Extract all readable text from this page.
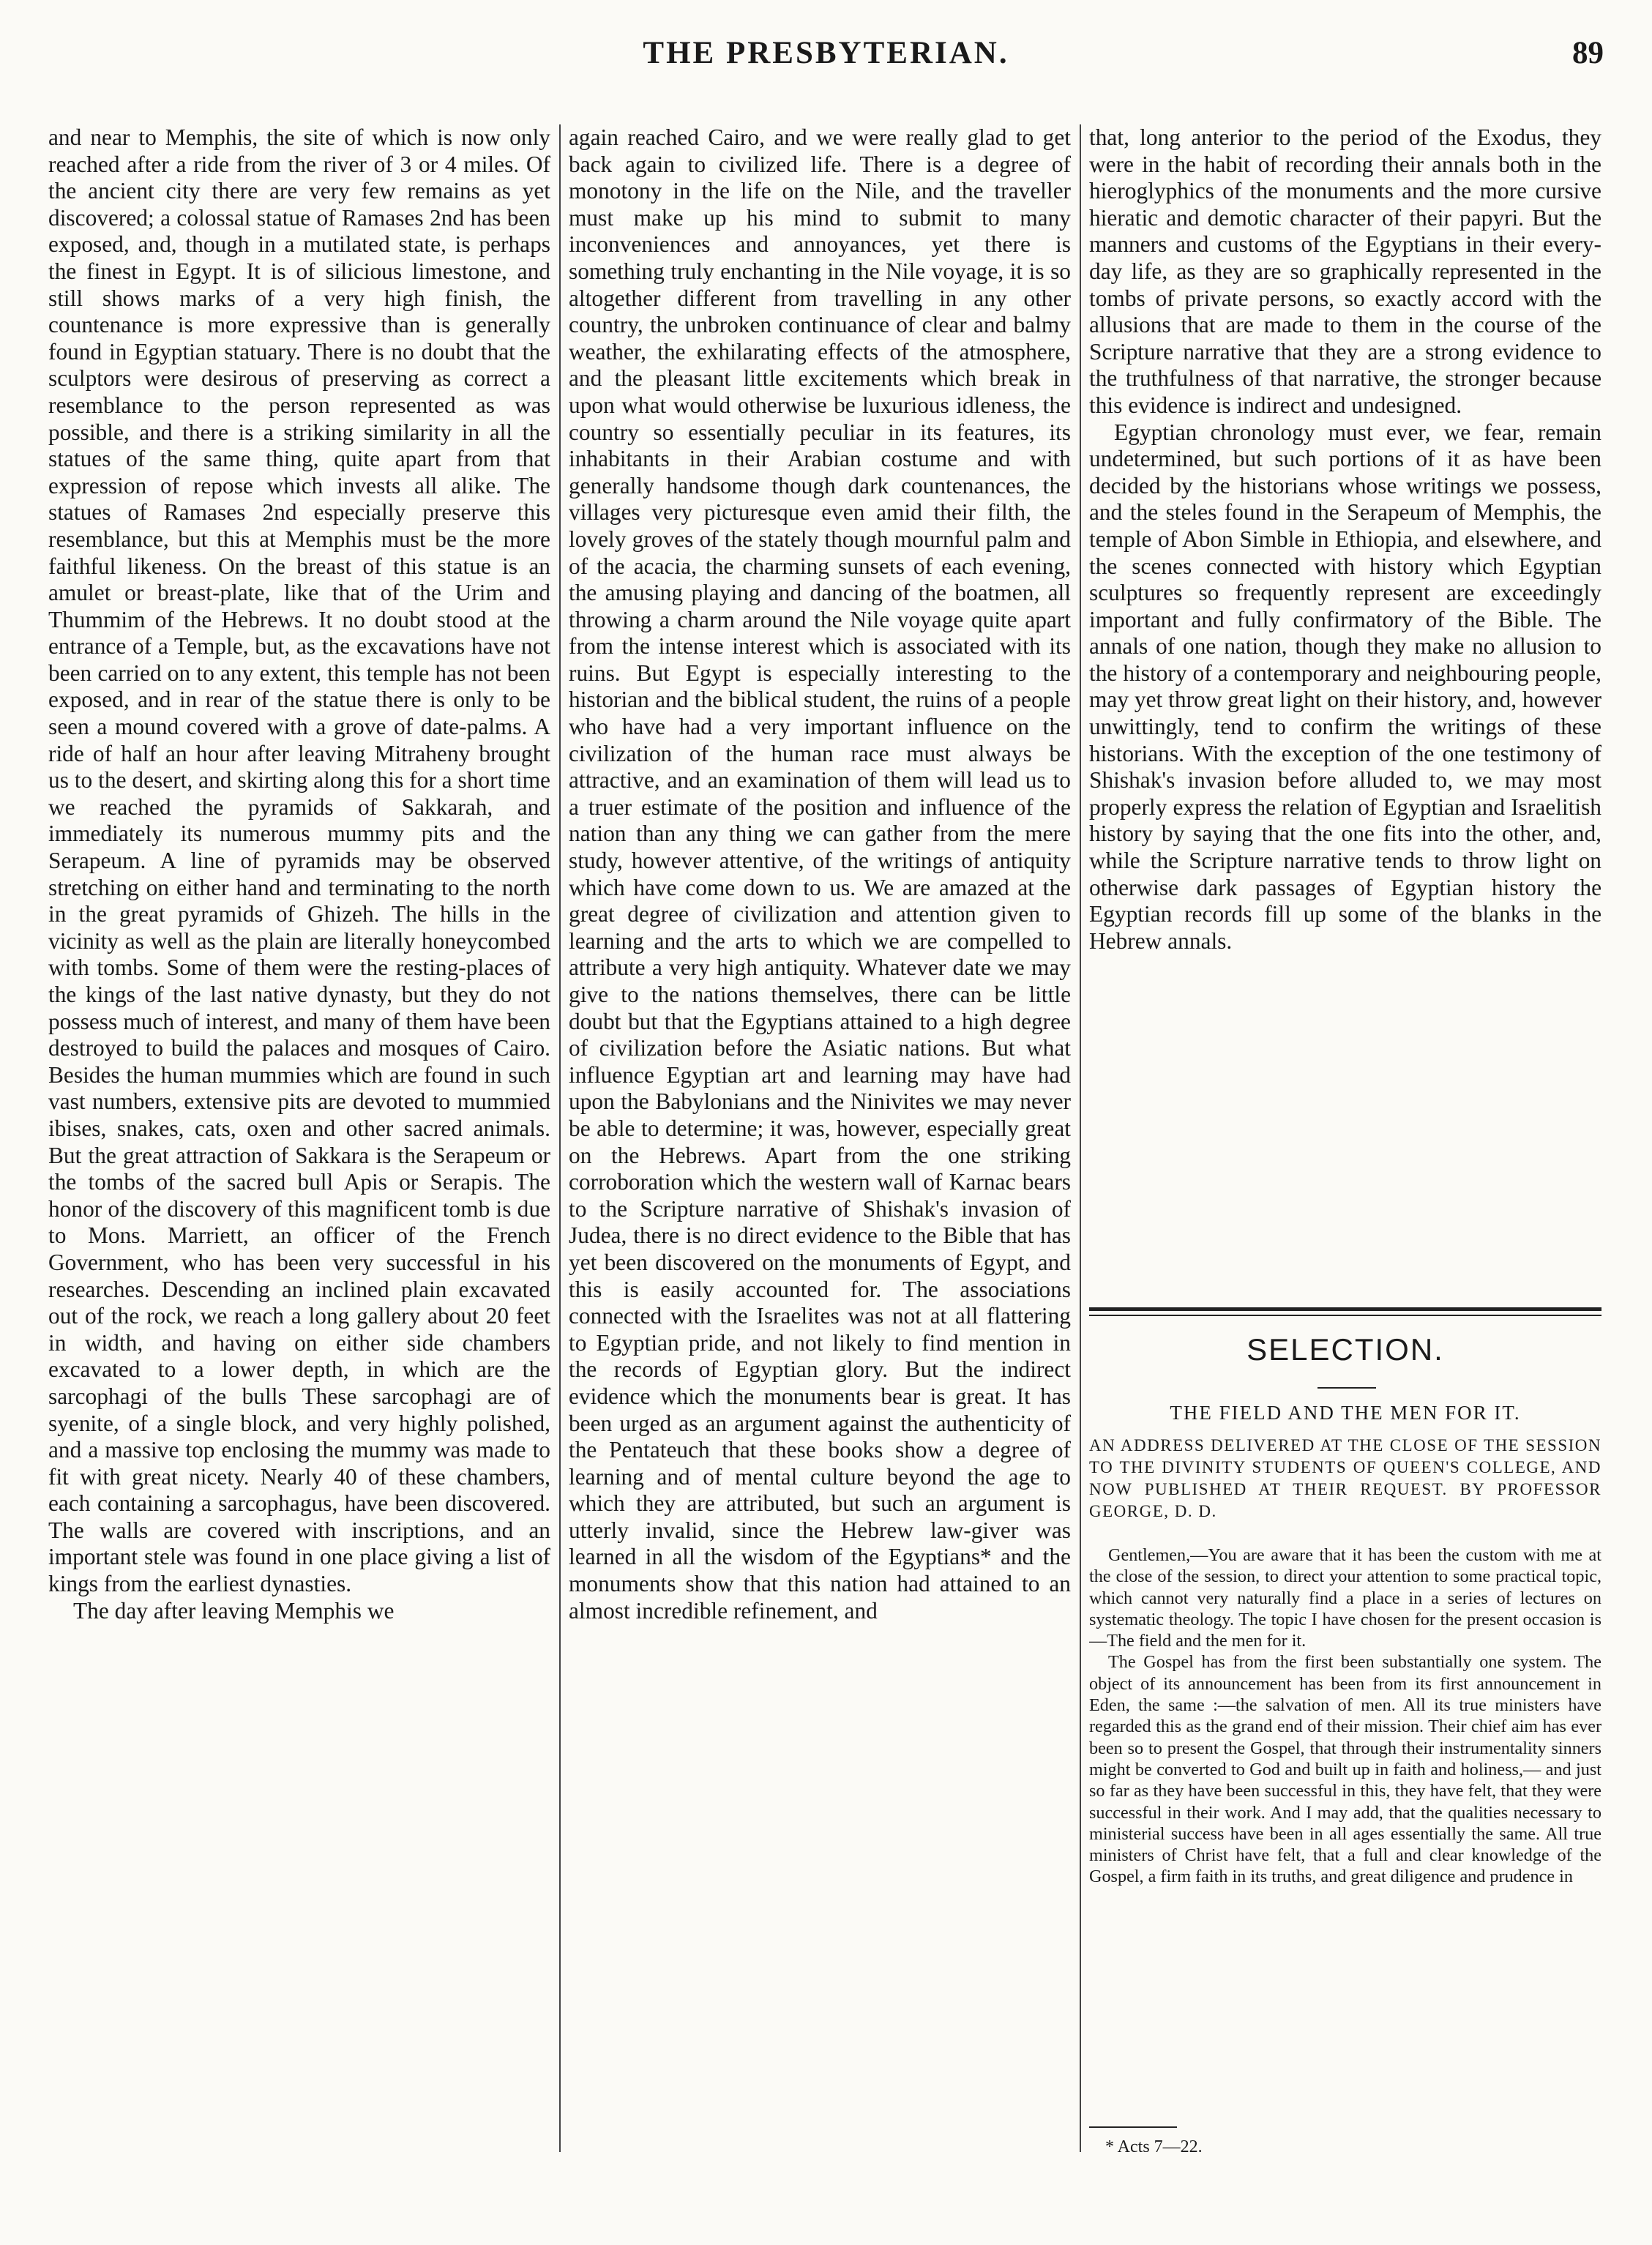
THE PRESBYTERIAN.	89

and near to Memphis, the site of which is now only reached after a ride from the river of 3 or 4 miles. Of the ancient city there are very few remains as yet discovered; a colossal statue of Ramases 2nd has been exposed, and, though in a mutilated state, is perhaps the finest in Egypt. It is of silicious limestone, and still shows marks of a very high finish, the countenance is more expressive than is generally found in Egyptian statuary. There is no doubt that the sculptors were desirous of preserving as correct a resemblance to the person represented as was possible, and there is a striking similarity in all the statues of the same thing, quite apart from that expression of repose which invests all alike. The statues of Ramases 2nd especially preserve this resemblance, but this at Memphis must be the more faithful likeness. On the breast of this statue is an amulet or breast-plate, like that of the Urim and Thummim of the Hebrews. It no doubt stood at the entrance of a Temple, but, as the excavations have not been carried on to any extent, this temple has not been exposed, and in rear of the statue there is only to be seen a mound covered with a grove of date-palms. A ride of half an hour after leaving Mitraheny brought us to the desert, and skirting along this for a short time we reached the pyramids of Sakkarah, and immediately its numerous mummy pits and the Serapeum. A line of pyramids may be observed stretching on either hand and terminating to the north in the great pyramids of Ghizeh. The hills in the vicinity as well as the plain are literally honeycombed with tombs. Some of them were the resting-places of the kings of the last native dynasty, but they do not possess much of interest, and many of them have been destroyed to build the palaces and mosques of Cairo. Besides the human mummies which are found in such vast numbers, extensive pits are devoted to mummied ibises, snakes, cats, oxen and other sacred animals. But the great attraction of Sakkara is the Serapeum or the tombs of the sacred bull Apis or Serapis. The honor of the discovery of this magnificent tomb is due to Mons. Marriett, an officer of the French Government, who has been very successful in his researches. Descending an inclined plain excavated out of the rock, we reach a long gallery about 20 feet in width, and having on either side chambers excavated to a lower depth, in which are the sarcophagi of the bulls These sarcophagi are of syenite, of a single block, and very highly polished, and a massive top enclosing the mummy was made to fit with great nicety. Nearly 40 of these chambers, each containing a sarcophagus, have been discovered. The walls are covered with inscriptions, and an important stele was found in one place giving a list of kings from the earliest dynasties.

The day after leaving Memphis we

again reached Cairo, and we were really glad to get back again to civilized life. There is a degree of monotony in the life on the Nile, and the traveller must make up his mind to submit to many inconveniences and annoyances, yet there is something truly enchanting in the Nile voyage, it is so altogether different from travelling in any other country, the unbroken continuance of clear and balmy weather, the exhilarating effects of the atmosphere, and the pleasant little excitements which break in upon what would otherwise be luxurious idleness, the country so essentially peculiar in its features, its inhabitants in their Arabian costume and with generally handsome though dark countenances, the villages very picturesque even amid their filth, the lovely groves of the stately though mournful palm and of the acacia, the charming sunsets of each evening, the amusing playing and dancing of the boatmen, all throwing a charm around the Nile voyage quite apart from the intense interest which is associated with its ruins. But Egypt is especially interesting to the historian and the biblical student, the ruins of a people who have had a very important influence on the civilization of the human race must always be attractive, and an examination of them will lead us to a truer estimate of the position and influence of the nation than any thing we can gather from the mere study, however attentive, of the writings of antiquity which have come down to us. We are amazed at the great degree of civilization and attention given to learning and the arts to which we are compelled to attribute a very high antiquity. Whatever date we may give to the nations themselves, there can be little doubt but that the Egyptians attained to a high degree of civilization before the Asiatic nations. But what influence Egyptian art and learning may have had upon the Babylonians and the Ninivites we may never be able to determine; it was, however, especially great on the Hebrews. Apart from the one striking corroboration which the western wall of Karnac bears to the Scripture narrative of Shishak's invasion of Judea, there is no direct evidence to the Bible that has yet been discovered on the monuments of Egypt, and this is easily accounted for. The associations connected with the Israelites was not at all flattering to Egyptian pride, and not likely to find mention in the records of Egyptian glory. But the indirect evidence which the monuments bear is great. It has been urged as an argument against the authenticity of the Pentateuch that these books show a degree of learning and of mental culture beyond the age to which they are attributed, but such an argument is utterly invalid, since the Hebrew law-giver was learned in all the wisdom of the Egyptians* and the monuments show that this nation had attained to an almost incredible refinement, and

that, long anterior to the period of the Exodus, they were in the habit of recording their annals both in the hieroglyphics of the monuments and the more cursive hieratic and demotic character of their papyri. But the manners and customs of the Egyptians in their every-day life, as they are so graphically represented in the tombs of private persons, so exactly accord with the allusions that are made to them in the course of the Scripture narrative that they are a strong evidence to the truthfulness of that narrative, the stronger because this evidence is indirect and undesigned.

Egyptian chronology must ever, we fear, remain undetermined, but such portions of it as have been decided by the historians whose writings we possess, and the steles found in the Serapeum of Memphis, the temple of Abon Simble in Ethiopia, and elsewhere, and the scenes connected with history which Egyptian sculptures so frequently represent are exceedingly important and fully confirmatory of the Bible. The annals of one nation, though they make no allusion to the history of a contemporary and neighbouring people, may yet throw great light on their history, and, however unwittingly, tend to confirm the writings of these historians. With the exception of the one testimony of Shishak's invasion before alluded to, we may most properly express the relation of Egyptian and Israelitish history by saying that the one fits into the other, and, while the Scripture narrative tends to throw light on otherwise dark passages of Egyptian history the Egyptian records fill up some of the blanks in the Hebrew annals.

SELECTION.
THE FIELD AND THE MEN FOR IT.
AN ADDRESS DELIVERED AT THE CLOSE OF THE SESSION TO THE DIVINITY STUDENTS OF QUEEN'S COLLEGE, AND NOW PUBLISHED AT THEIR REQUEST. BY PROFESSOR GEORGE, D. D.

Gentlemen,—You are aware that it has been the custom with me at the close of the session, to direct your attention to some practical topic, which cannot very naturally find a place in a series of lectures on systematic theology. The topic I have chosen for the present occasion is —The field and the men for it.

The Gospel has from the first been substantially one system. The object of its announcement has been from its first announcement in Eden, the same :—the salvation of men. All its true ministers have regarded this as the grand end of their mission. Their chief aim has ever been so to present the Gospel, that through their instrumentality sinners might be converted to God and built up in faith and holiness,— and just so far as they have been successful in this, they have felt, that they were successful in their work. And I may add, that the qualities necessary to ministerial success have been in all ages essentially the same. All true ministers of Christ have felt, that a full and clear knowledge of the Gospel, a firm faith in its truths, and great diligence and prudence in

* Acts 7—22.
